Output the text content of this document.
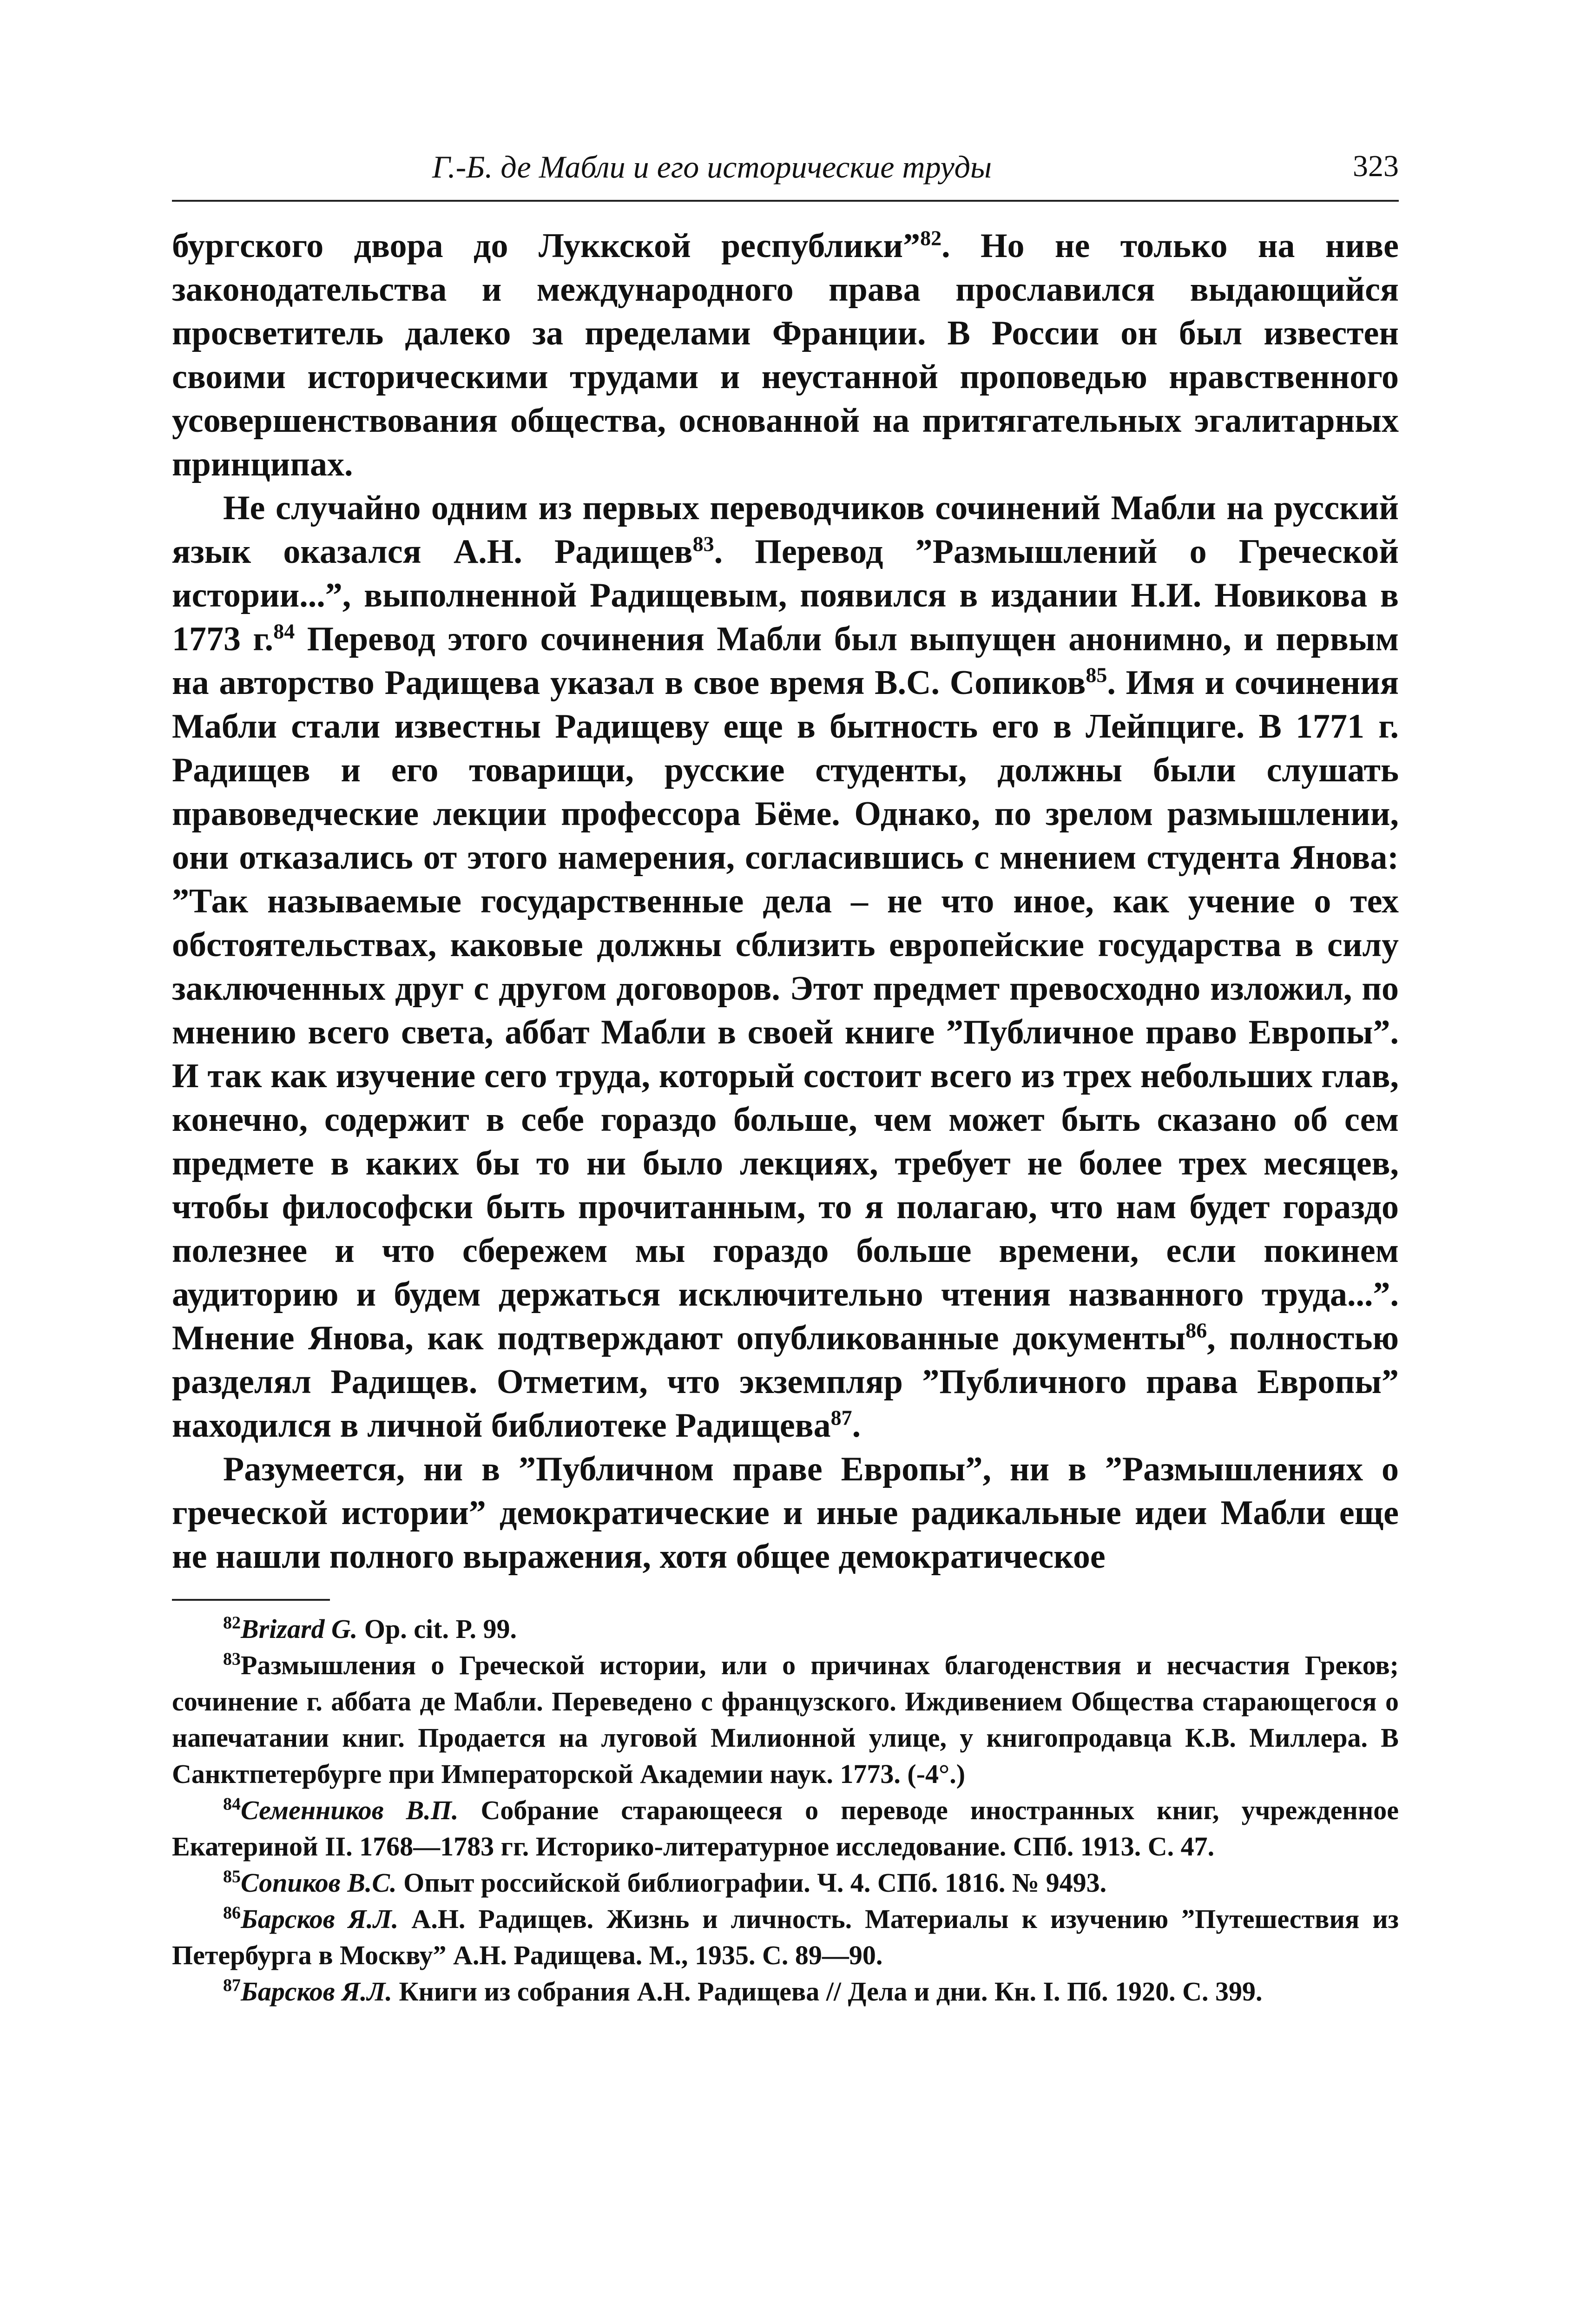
Г.-Б. де Мабли и его исторические труды	323

бургского двора до Луккской республики”$^{82}$. Но не только на ниве законодательства и международного права прославился выдающийся просветитель далеко за пределами Франции. В России он был известен своими историческими трудами и неустанной проповедью нравственного усовершенствования общества, основанной на притягательных эгалитарных принципах.

Не случайно одним из первых переводчиков сочинений Мабли на русский язык оказался А.Н. Радищев$^{83}$. Перевод ”Размышлений о Греческой истории...”, выполненной Радищевым, появился в издании Н.И. Новикова в 1773 г.$^{84}$ Перевод этого сочинения Мабли был выпущен анонимно, и первым на авторство Радищева указал в свое время В.С. Сопиков$^{85}$. Имя и сочинения Мабли стали известны Радищеву еще в бытность его в Лейпциге. В 1771 г. Радищев и его товарищи, русские студенты, должны были слушать правоведческие лекции профессора Бёме. Однако, по зрелом размышлении, они отказались от этого намерения, согласившись с мнением студента Янова: ”Так называемые государственные дела – не что иное, как учение о тех обстоятельствах, каковые должны сблизить европейские государства в силу заключенных друг с другом договоров. Этот предмет превосходно изложил, по мнению всего света, аббат Мабли в своей книге ”Публичное право Европы”. И так как изучение сего труда, который состоит всего из трех небольших глав, конечно, содержит в себе гораздо больше, чем может быть сказано об сем предмете в каких бы то ни было лекциях, требует не более трех месяцев, чтобы философски быть прочитанным, то я полагаю, что нам будет гораздо полезнее и что сбережем мы гораздо больше времени, если покинем аудиторию и будем держаться исключительно чтения названного труда...”. Мнение Янова, как подтверждают опубликованные документы$^{86}$, полностью разделял Радищев. Отметим, что экземпляр ”Публичного права Европы” находился в личной библиотеке Радищева$^{87}$.

Разумеется, ни в ”Публичном праве Европы”, ни в ”Размышлениях о греческой истории” демократические и иные радикальные идеи Мабли еще не нашли полного выражения, хотя общее демократическое

$^{82}$Brizard G. Op. cit. P. 99.

$^{83}$Размышления о Греческой истории, или о причинах благоденствия и несчастия Греков; сочинение г. аббата де Мабли. Переведено с французского. Иждивением Общества старающегося о напечатании книг. Продается на луговой Милионной улице, у книгопродавца К.В. Миллера. В Санктпетербурге при Императорской Академии наук. 1773. (-4°.)

$^{84}$Семенников В.П. Собрание старающееся о переводе иностранных книг, учрежденное Екатериной II. 1768—1783 гг. Историко-литературное исследование. СПб. 1913. С. 47.

$^{85}$Сопиков В.С. Опыт российской библиографии. Ч. 4. СПб. 1816. № 9493.

$^{86}$Барсков Я.Л. А.Н. Радищев. Жизнь и личность. Материалы к изучению ”Путешествия из Петербурга в Москву” А.Н. Радищева. М., 1935. С. 89—90.

$^{87}$Барсков Я.Л. Книги из собрания А.Н. Радищева // Дела и дни. Кн. I. Пб. 1920. С. 399.
